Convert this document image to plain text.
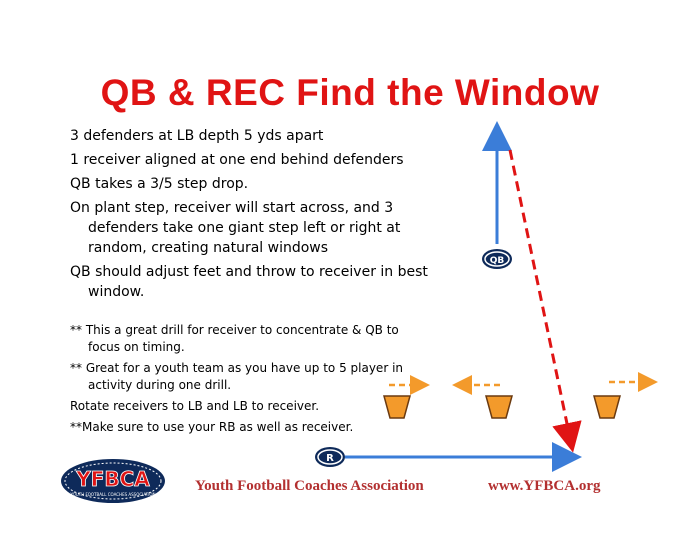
QB & REC Find the Window
3 defenders at LB depth 5 yds apart
1 receiver aligned at one end behind defenders
QB takes a 3/5 step drop.
On plant step, receiver will start across, and 3 defenders take one giant step left or right at random, creating natural windows
QB should adjust feet and throw to receiver in best window.
** This a great drill for receiver to concentrate & QB to focus on timing.
** Great for a youth team as you have up to 5 player in activity during one drill.
Rotate receivers to LB and LB to receiver.
**Make sure to use your RB as well as receiver.
QB
R
YFBCA
YOUTH FOOTBALL COACHES ASSOCIATION
Youth Football Coaches Association	www.YFBCA.org
